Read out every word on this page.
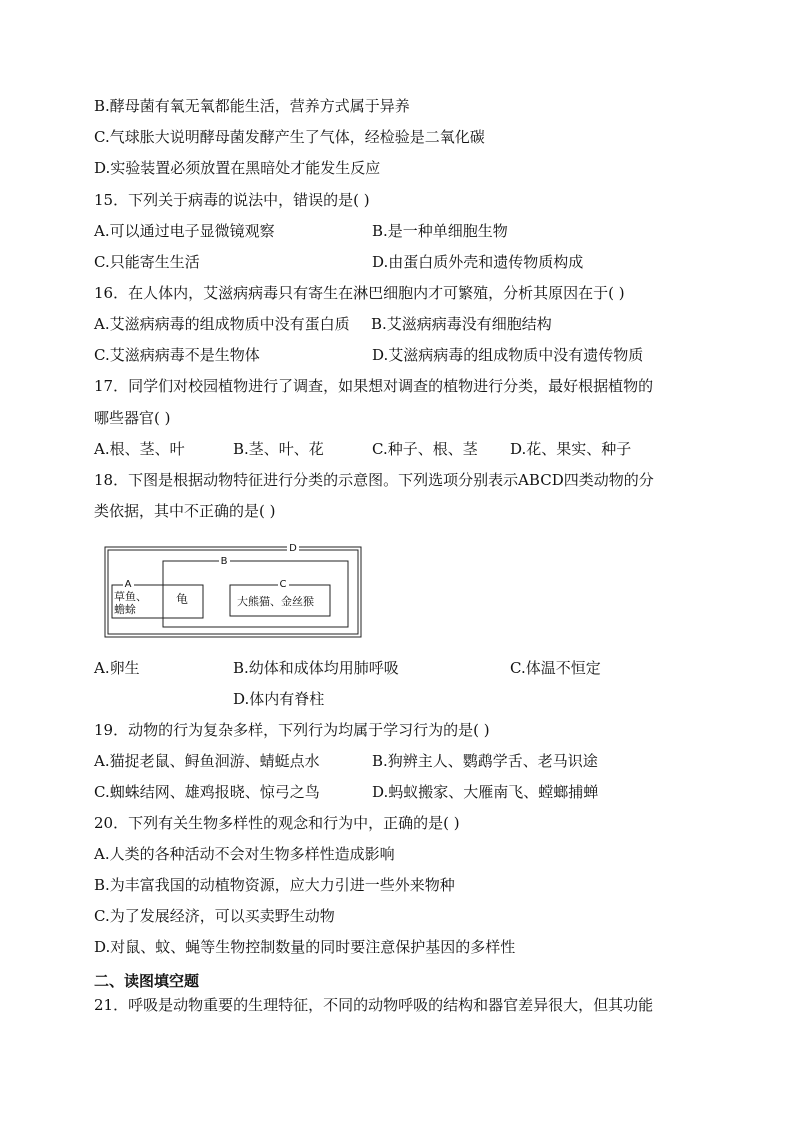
B.酵母菌有氧无氧都能生活，营养方式属于异养
C.气球胀大说明酵母菌发酵产生了气体，经检验是二氧化碳
D.实验装置必须放置在黑暗处才能发生反应
15．下列关于病毒的说法中，错误的是( )
A.可以通过电子显微镜观察	B.是一种单细胞生物
C.只能寄生生活	D.由蛋白质外壳和遗传物质构成
16．在人体内，艾滋病病毒只有寄生在淋巴细胞内才可繁殖，分析其原因在于( )
A.艾滋病病毒的组成物质中没有蛋白质 B.艾滋病病毒没有细胞结构
C.艾滋病病毒不是生物体	D.艾滋病病毒的组成物质中没有遗传物质
17．同学们对校园植物进行了调查，如果想对调查的植物进行分类，最好根据植物的
哪些器官( )
A.根、茎、叶	B.茎、叶、花	C.种子、根、茎 D.花、果实、种子
18．下图是根据动物特征进行分类的示意图。下列选项分别表示ABCD四类动物的分
类依据，其中不正确的是( )
D
B
A
草鱼、
蟾蜍
龟
C
大熊猫、金丝猴
A.卵生	B.幼体和成体均用肺呼吸	C.体温不恒定
D.体内有脊柱
19．动物的行为复杂多样，下列行为均属于学习行为的是( )
A.猫捉老鼠、鲟鱼洄游、蜻蜓点水	B.狗辨主人、鹦鹉学舌、老马识途
C.蜘蛛结网、雄鸡报晓、惊弓之鸟	D.蚂蚁搬家、大雁南飞、螳螂捕蝉
20．下列有关生物多样性的观念和行为中，正确的是( )
A.人类的各种活动不会对生物多样性造成影响
B.为丰富我国的动植物资源，应大力引进一些外来物种
C.为了发展经济，可以买卖野生动物
D.对鼠、蚊、蝇等生物控制数量的同时要注意保护基因的多样性
二、读图填空题
21．呼吸是动物重要的生理特征，不同的动物呼吸的结构和器官差异很大，但其功能
